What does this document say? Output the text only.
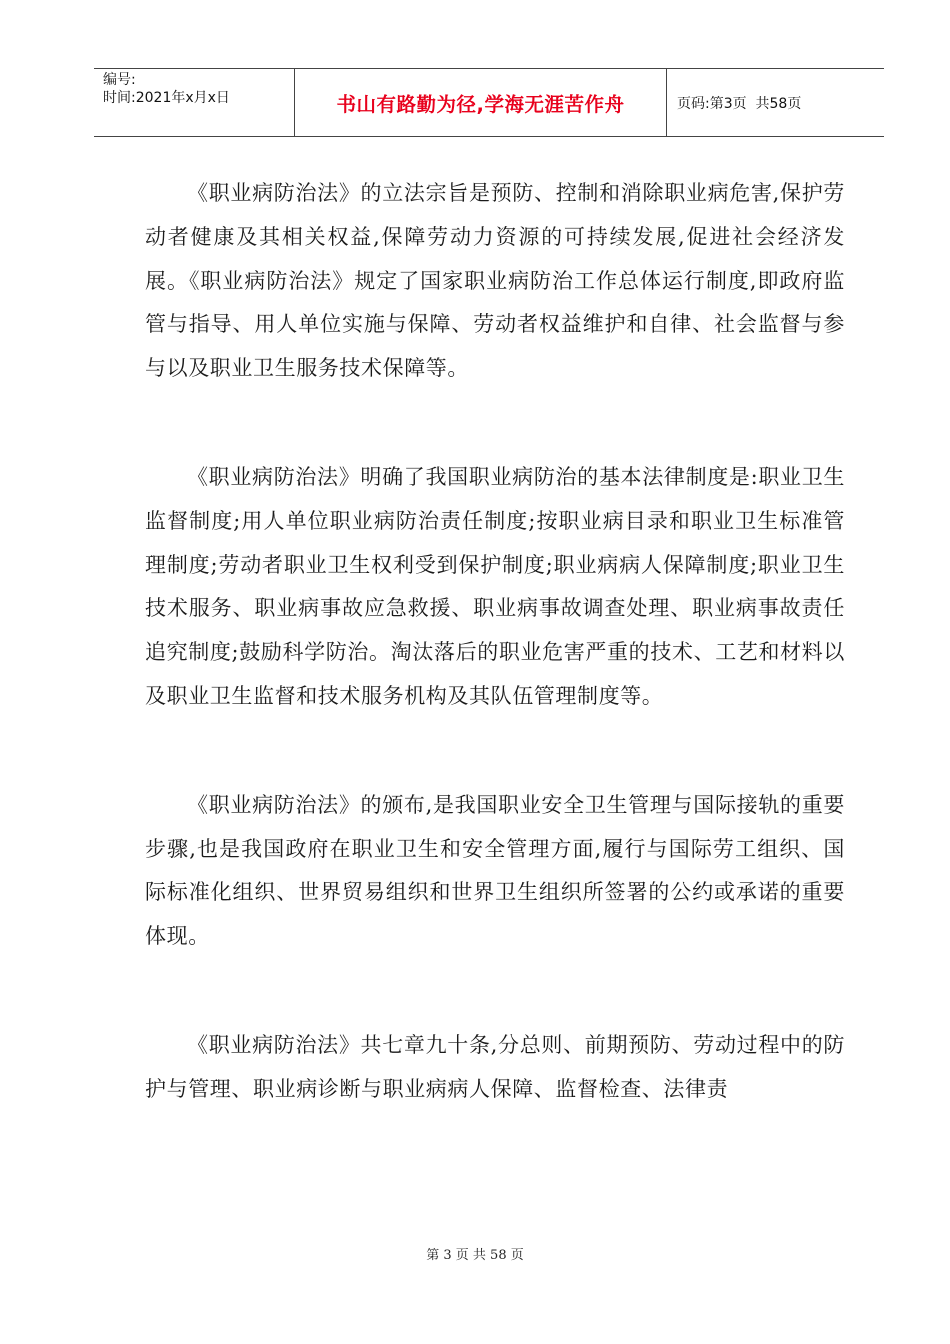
编号:
时间:2021年x月x日	书山有路勤为径,学海无涯苦作舟	页码:第3页  共58页

《职业病防治法》的立法宗旨是预防、控制和消除职业病危害,保护劳动者健康及其相关权益,保障劳动力资源的可持续发展,促进社会经济发展。《职业病防治法》规定了国家职业病防治工作总体运行制度,即政府监管与指导、用人单位实施与保障、劳动者权益维护和自律、社会监督与参与以及职业卫生服务技术保障等。

《职业病防治法》明确了我国职业病防治的基本法律制度是:职业卫生监督制度;用人单位职业病防治责任制度;按职业病目录和职业卫生标准管理制度;劳动者职业卫生权利受到保护制度;职业病病人保障制度;职业卫生技术服务、职业病事故应急救援、职业病事故调查处理、职业病事故责任追究制度;鼓励科学防治。淘汰落后的职业危害严重的技术、工艺和材料以及职业卫生监督和技术服务机构及其队伍管理制度等。

《职业病防治法》的颁布,是我国职业安全卫生管理与国际接轨的重要步骤,也是我国政府在职业卫生和安全管理方面,履行与国际劳工组织、国际标准化组织、世界贸易组织和世界卫生组织所签署的公约或承诺的重要体现。

《职业病防治法》共七章九十条,分总则、前期预防、劳动过程中的防护与管理、职业病诊断与职业病病人保障、监督检查、法律责

第 3 页 共 58 页
